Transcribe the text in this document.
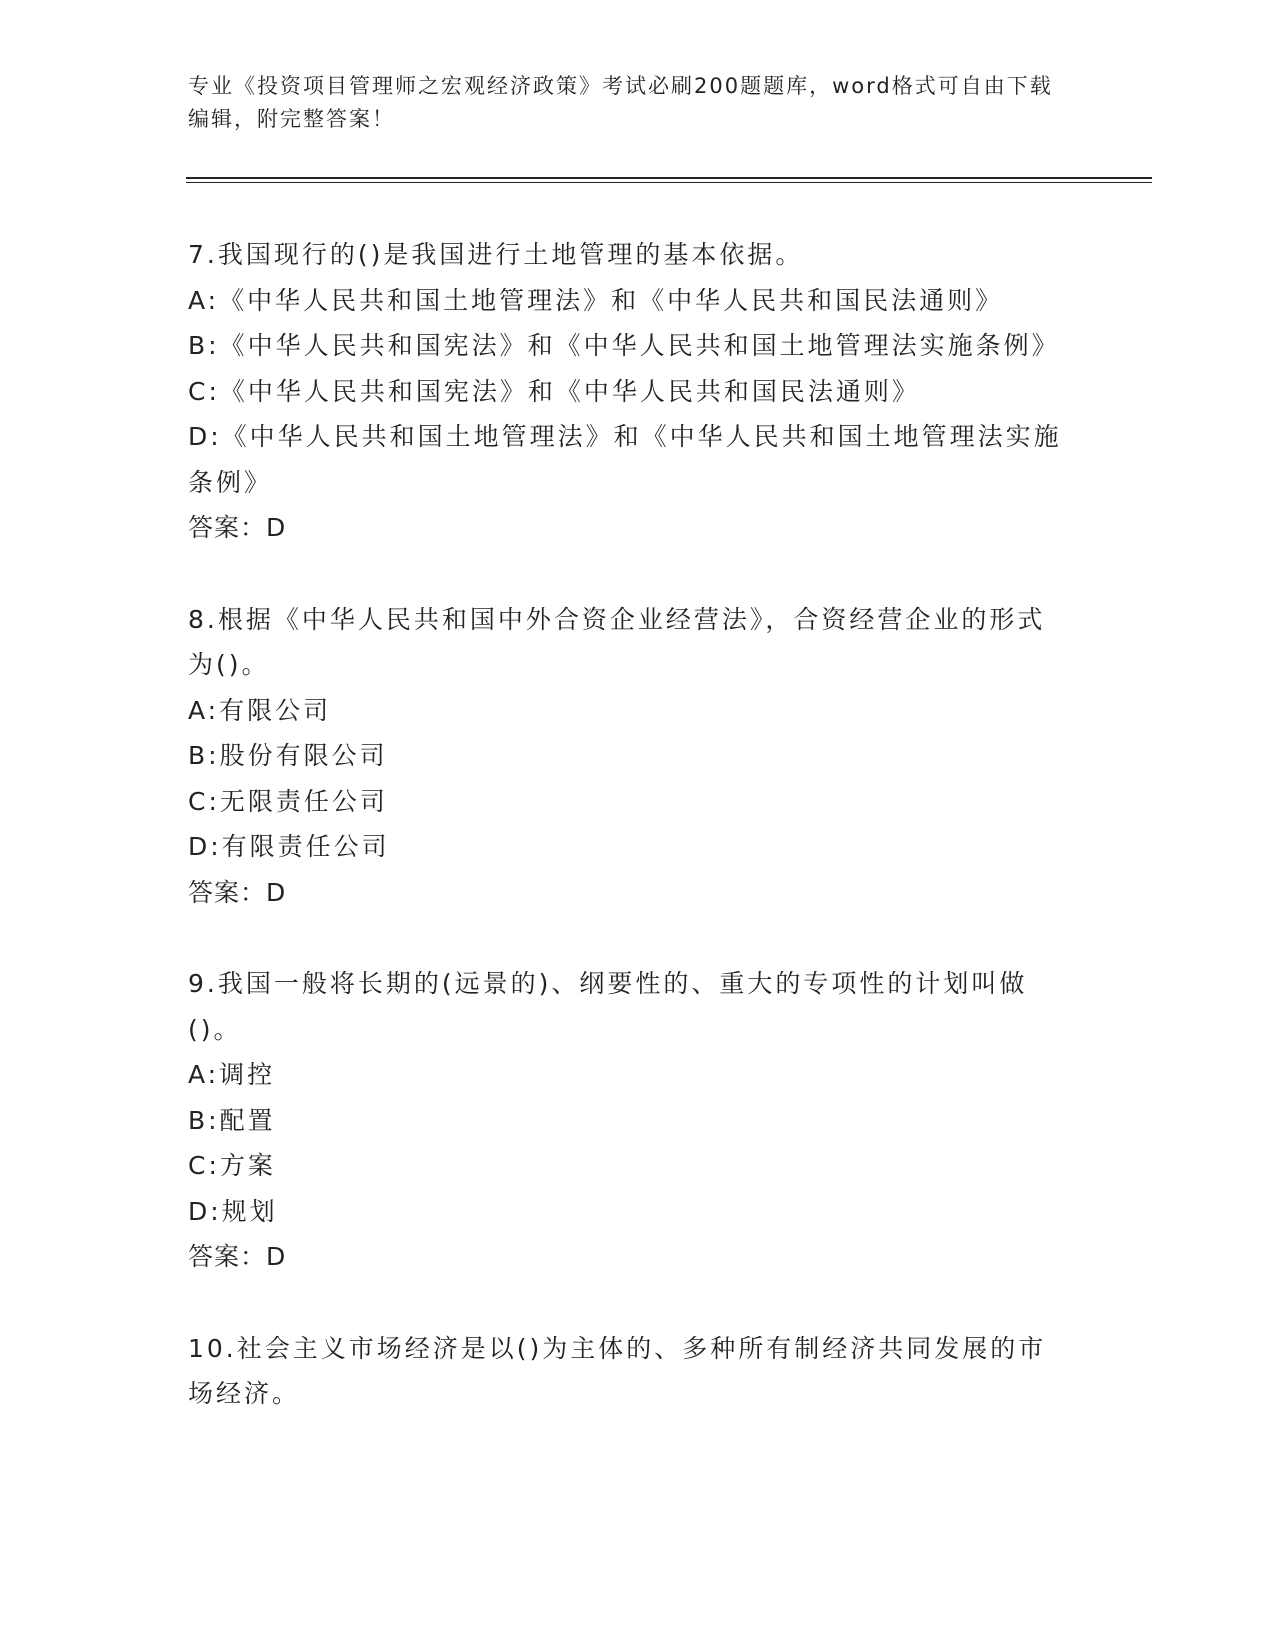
专业《投资项目管理师之宏观经济政策》考试必刷200题题库，word格式可自由下载编辑，附完整答案！

7.我国现行的()是我国进行土地管理的基本依据。

A:《中华人民共和国土地管理法》和《中华人民共和国民法通则》

B:《中华人民共和国宪法》和《中华人民共和国土地管理法实施条例》

C:《中华人民共和国宪法》和《中华人民共和国民法通则》

D:《中华人民共和国土地管理法》和《中华人民共和国土地管理法实施条例》

答案：D

8.根据《中华人民共和国中外合资企业经营法》，合资经营企业的形式为()。

A:有限公司

B:股份有限公司

C:无限责任公司

D:有限责任公司

答案：D

9.我国一般将长期的(远景的)、纲要性的、重大的专项性的计划叫做()。

A:调控

B:配置

C:方案

D:规划

答案：D

10.社会主义市场经济是以()为主体的、多种所有制经济共同发展的市场经济。
